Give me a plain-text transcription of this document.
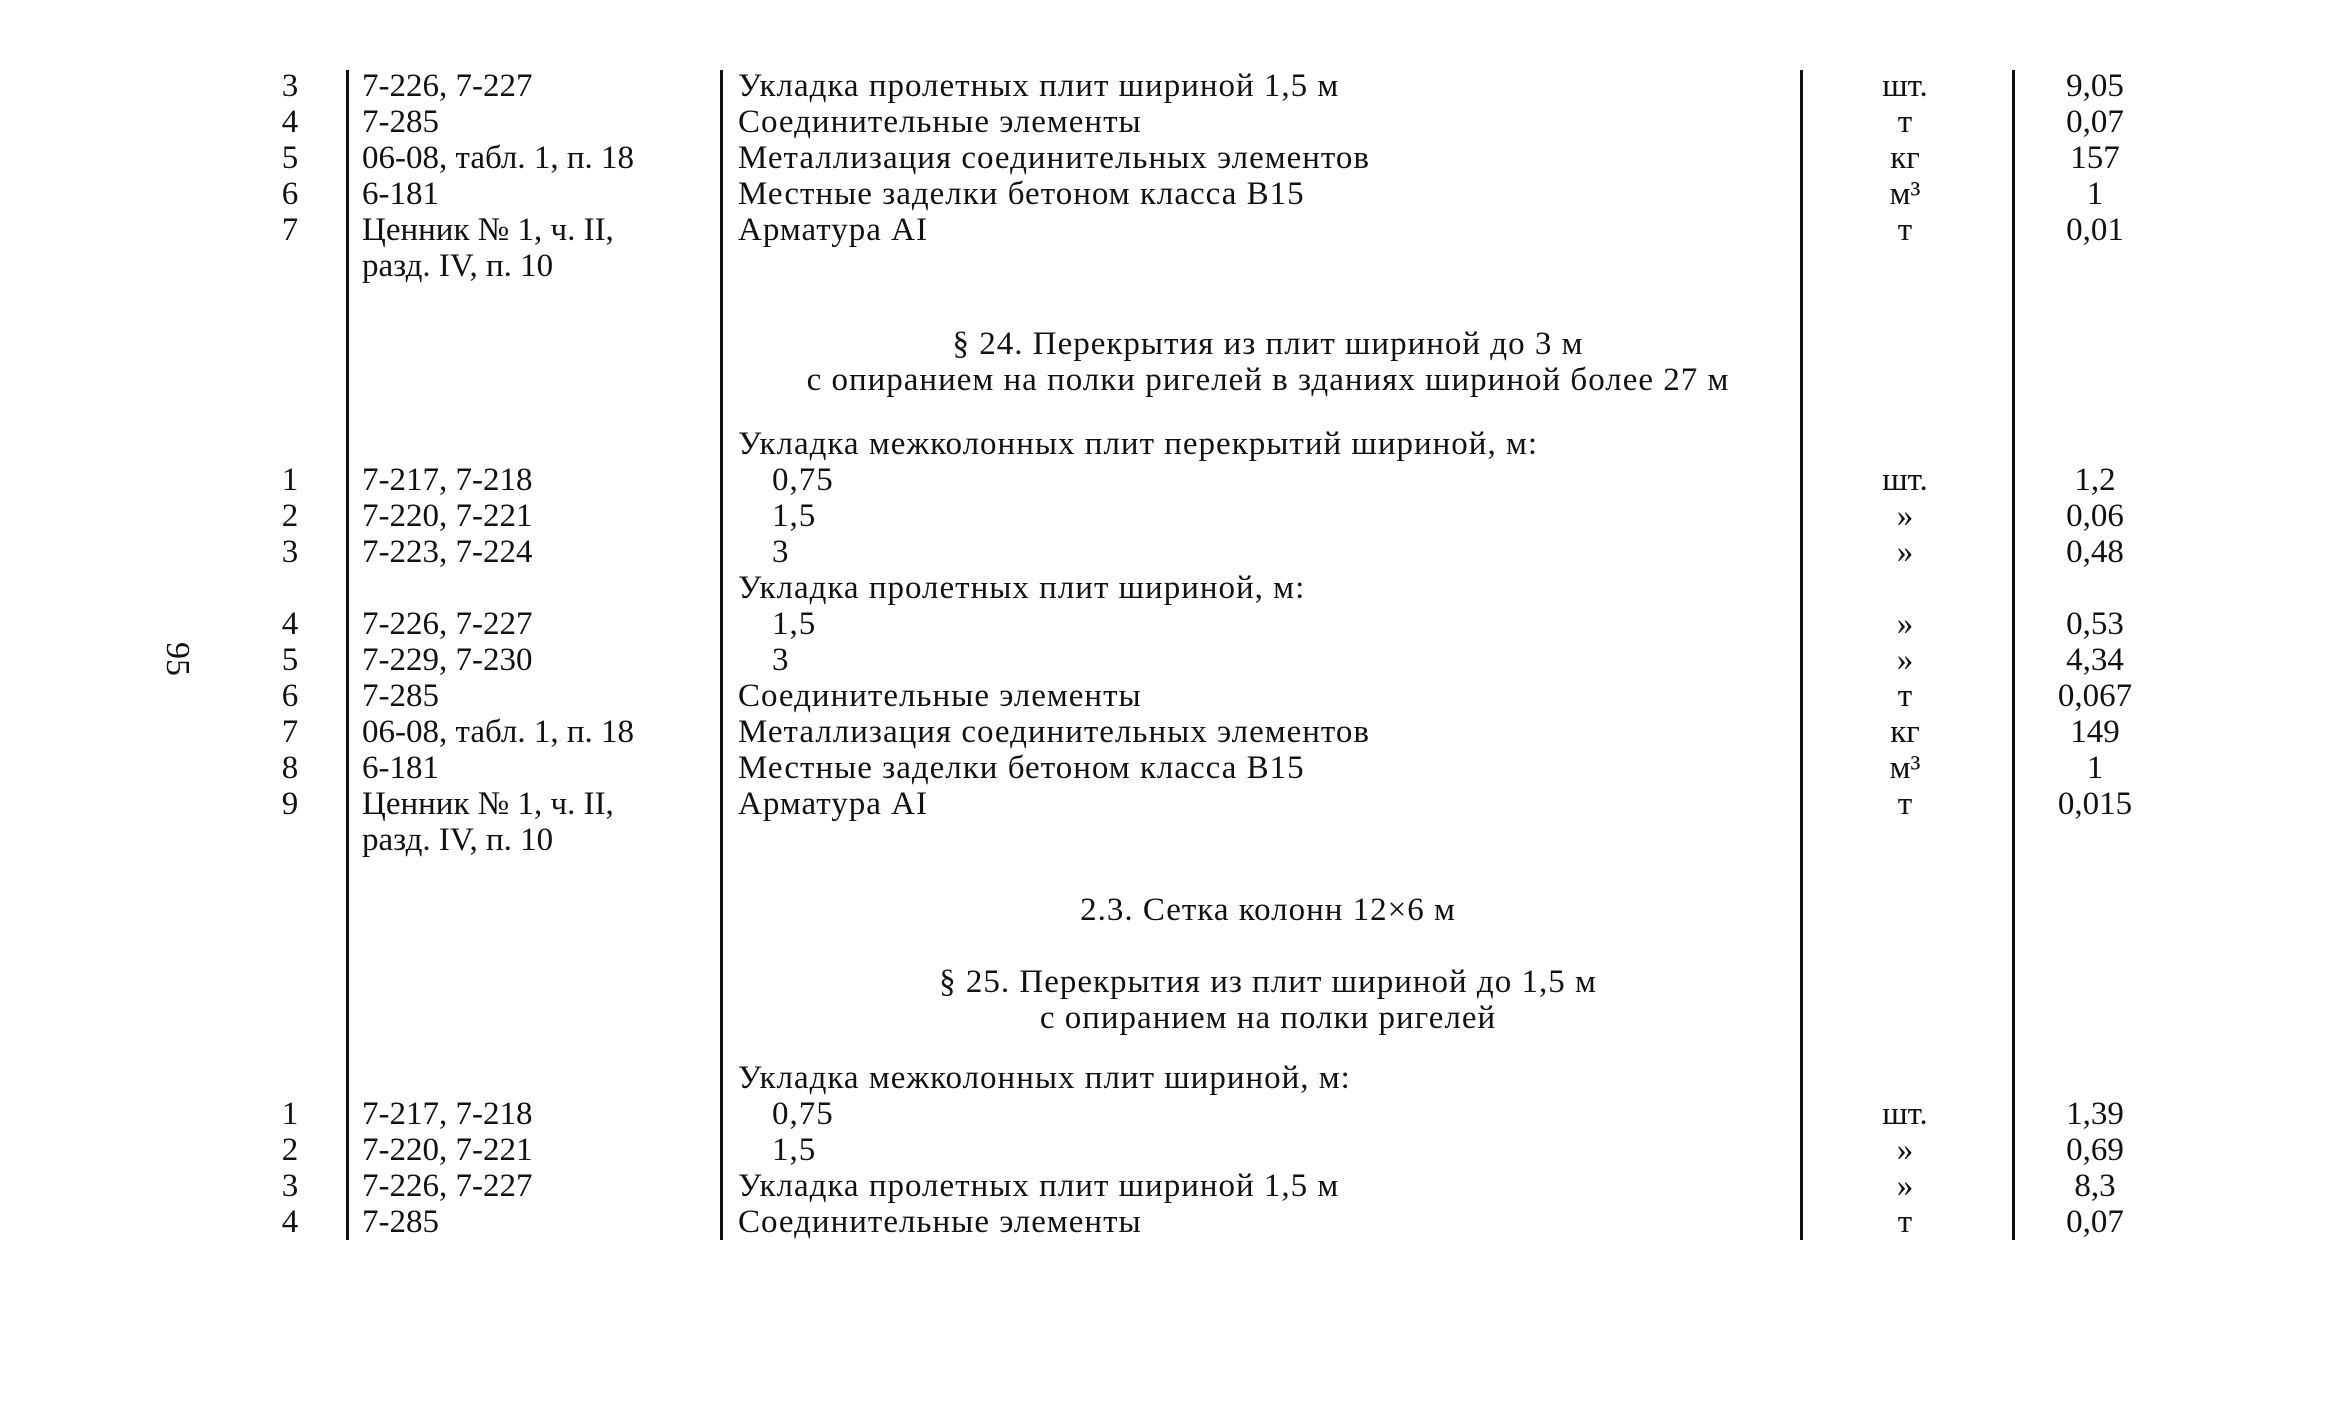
95
3	7-226, 7-227	Укладка пролетных плит шириной 1,5 м	шт.	9,05
4	7-285	Соединительные элементы	т	0,07
5	06-08, табл. 1, п. 18	Металлизация соединительных элементов	кг	157
6	6-181	Местные заделки бетоном класса В15	м³	1
7	Ценник № 1, ч. II,	Арматура АI	т	0,01
разд. IV, п. 10
§ 24. Перекрытия из плит шириной до 3 м
с опиранием на полки ригелей в зданиях шириной более 27 м
Укладка межколонных плит перекрытий шириной, м:
1	7-217, 7-218	0,75	шт.	1,2
2	7-220, 7-221	1,5	»	0,06
3	7-223, 7-224	3	»	0,48
Укладка пролетных плит шириной, м:
4	7-226, 7-227	1,5	»	0,53
5	7-229, 7-230	3	»	4,34
6	7-285	Соединительные элементы	т	0,067
7	06-08, табл. 1, п. 18	Металлизация соединительных элементов	кг	149
8	6-181	Местные заделки бетоном класса В15	м³	1
9	Ценник № 1, ч. II,	Арматура АI	т	0,015
разд. IV, п. 10
2.3. Сетка колонн 12×6 м
§ 25. Перекрытия из плит шириной до 1,5 м
с опиранием на полки ригелей
Укладка межколонных плит шириной, м:
1	7-217, 7-218	0,75	шт.	1,39
2	7-220, 7-221	1,5	»	0,69
3	7-226, 7-227	Укладка пролетных плит шириной 1,5 м	»	8,3
4	7-285	Соединительные элементы	т	0,07
